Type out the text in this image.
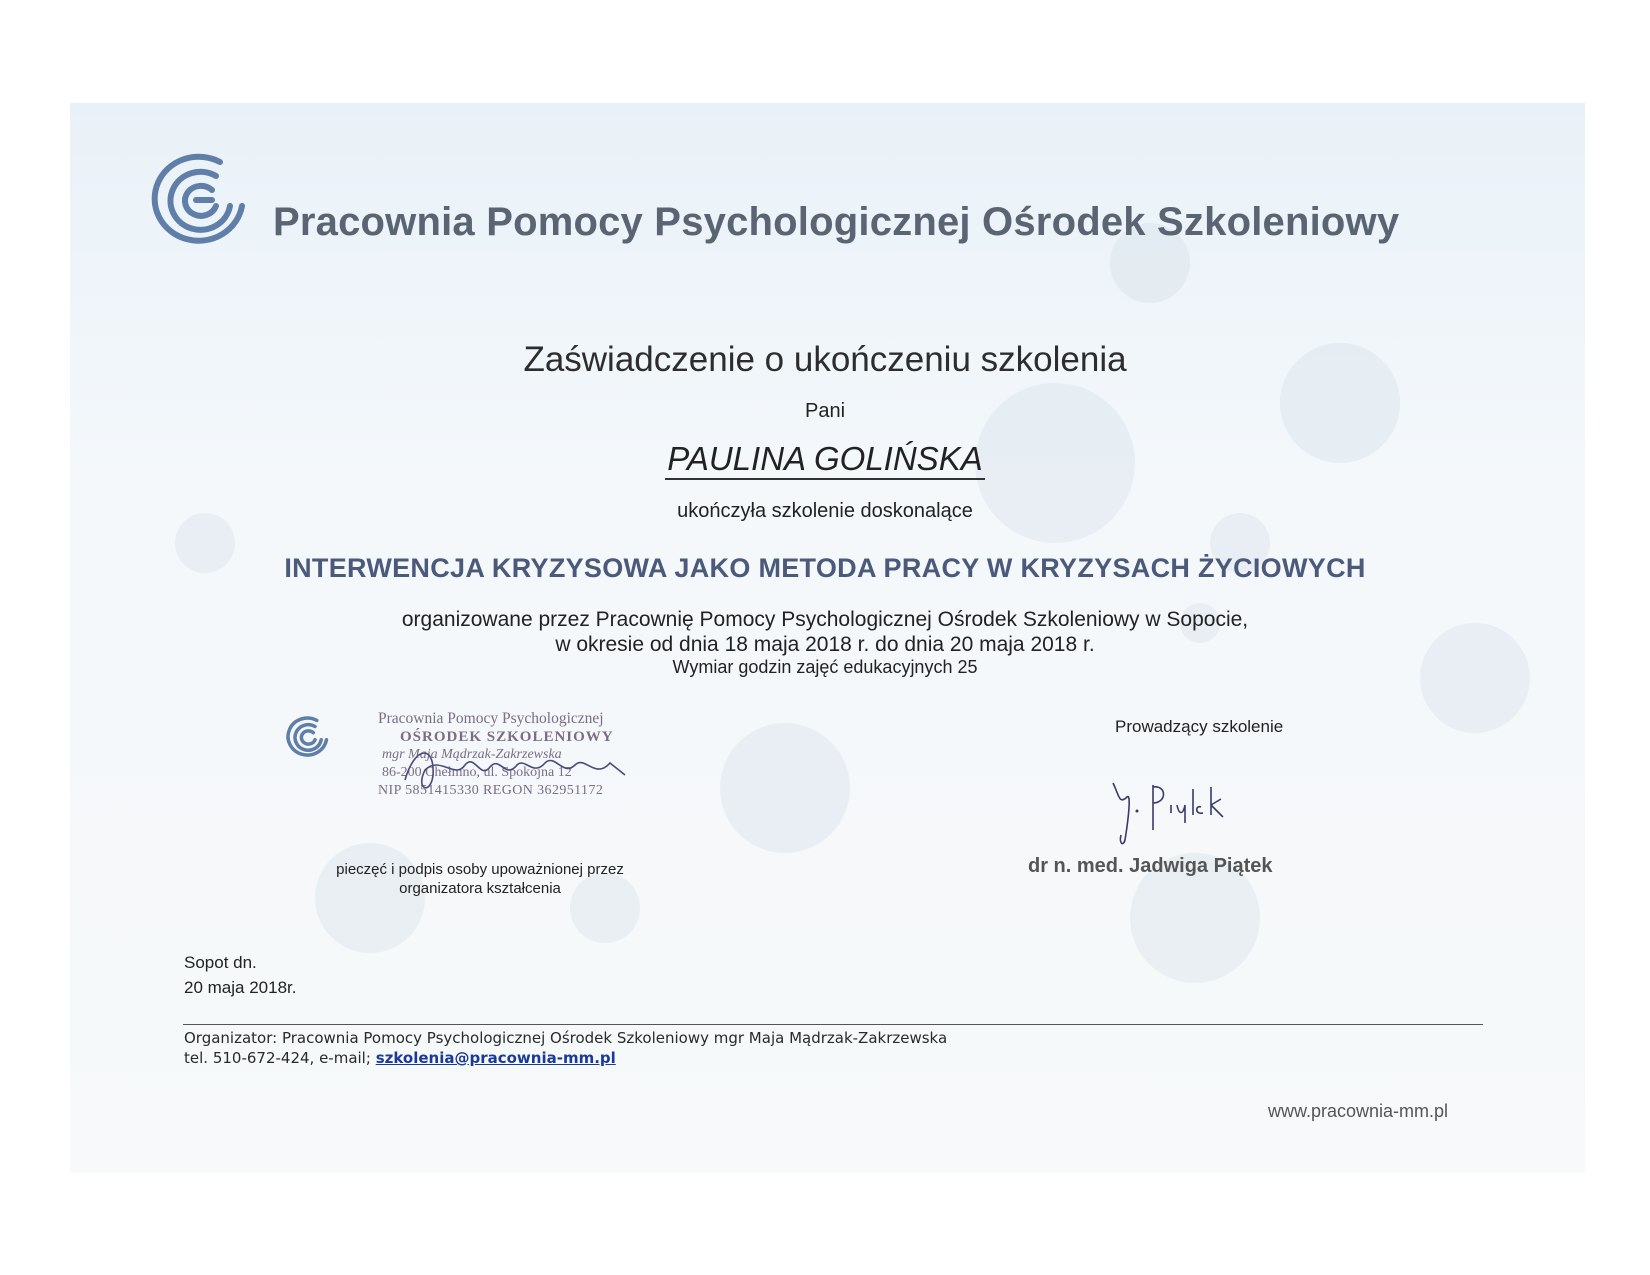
Pracownia Pomocy Psychologicznej Ośrodek Szkoleniowy
Zaświadczenie o ukończeniu szkolenia
Pani
PAULINA GOLIŃSKA
ukończyła szkolenie doskonalące
INTERWENCJA KRYZYSOWA JAKO METODA PRACY W KRYZYSACH ŻYCIOWYCH
organizowane przez Pracownię Pomocy Psychologicznej Ośrodek Szkoleniowy w Sopocie,
w okresie od dnia 18 maja 2018 r. do dnia 20 maja 2018 r.
Wymiar godzin zajęć edukacyjnych 25
Pracownia Pomocy Psychologicznej
OŚRODEK SZKOLENIOWY
mgr Maja Mądrzak-Zakrzewska
86-200 Chełmno, ul. Spokojna 12
NIP 5851415330 REGON 362951172
pieczęć i podpis osoby upoważnionej przez
organizatora kształcenia
Prowadzący szkolenie
dr n. med. Jadwiga Piątek
Sopot dn.
20 maja 2018r.
Organizator: Pracownia Pomocy Psychologicznej Ośrodek Szkoleniowy mgr Maja Mądrzak-Zakrzewska
tel. 510-672-424, e-mail; szkolenia@pracownia-mm.pl
www.pracownia-mm.pl
